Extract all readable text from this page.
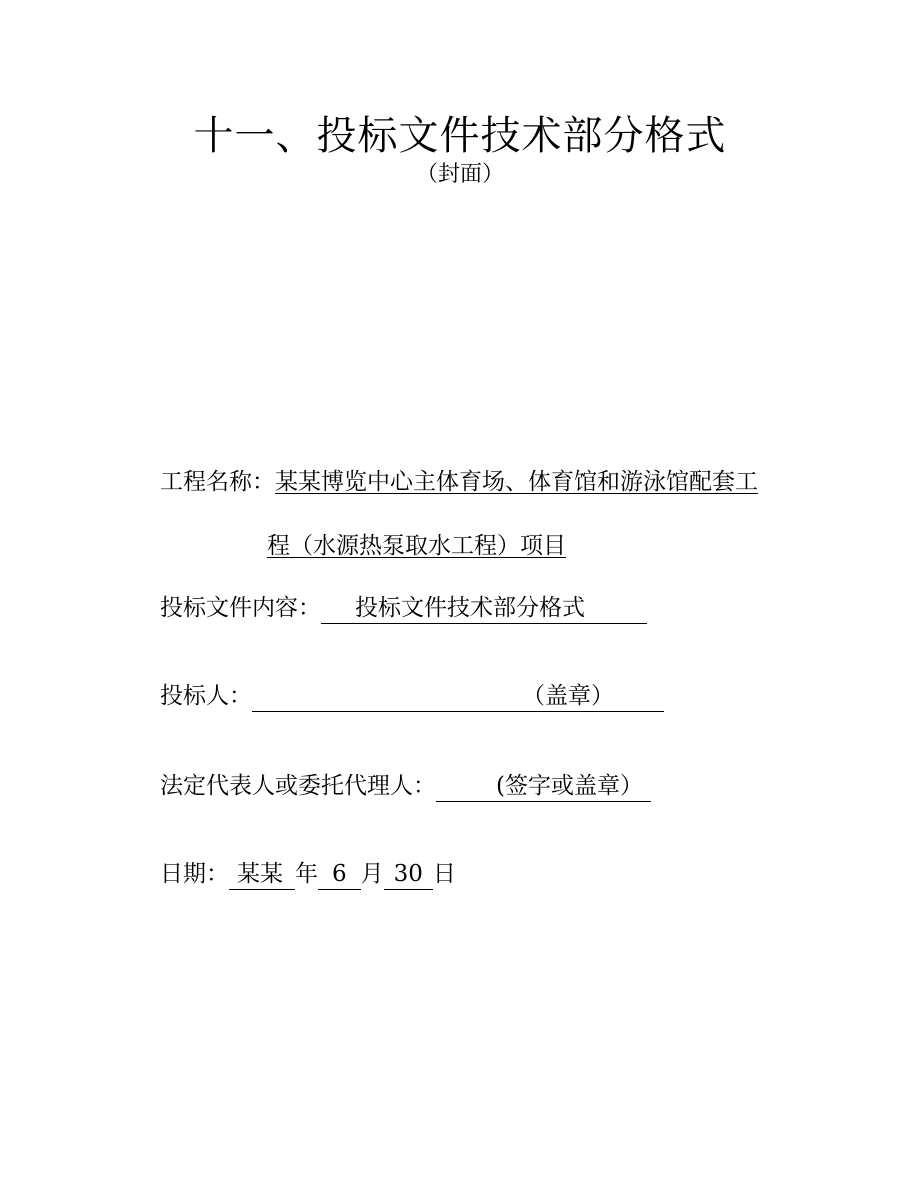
十一、投标文件技术部分格式
（封面）
工程名称：某某博览中心主体育场、体育馆和游泳馆配套工
程（水源热泵取水工程）项目
投标文件内容： 投标文件技术部分格式
投标人：	（盖章）
法定代表人或委托代理人：	(签字或盖章）
日期： 某某 年 6 月 30 日
